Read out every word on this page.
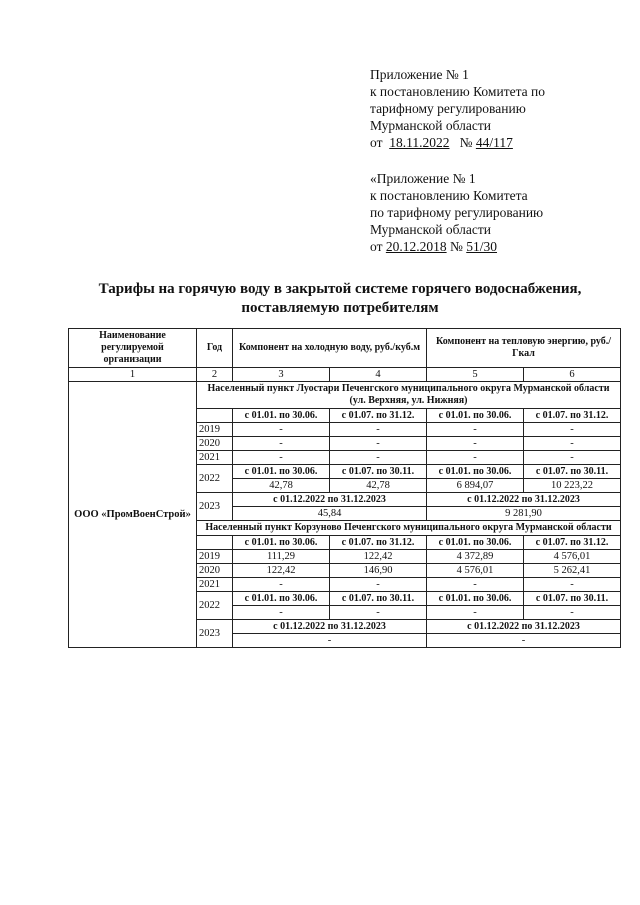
Приложение № 1
к постановлению Комитета по
тарифному регулированию
Мурманской области
от 18.11.2022 № 44/117
«Приложение № 1
к постановлению Комитета
по тарифному регулированию
Мурманской области
от 20.12.2018 № 51/30
Тарифы на горячую воду в закрытой системе горячего водоснабжения,
поставляемую потребителям
Наименование регулируемой организации	Год	Компонент на холодную воду, руб./куб.м		Компонент на тепловую энергию, руб./Гкал	
1	2	3	4	5	6
ООО «ПромВоенСтрой»	Населенный пункт Луостари Печенгского муниципального округа Мурманской области (ул. Верхняя, ул. Нижняя)				
		с 01.01. по 30.06.	с 01.07. по 31.12.	с 01.01. по 30.06.	с 01.07. по 31.12.
	2019	-	-	-	-
	2020	-	-	-	-
	2021	-	-	-	-
	2022	с 01.01. по 30.06.	с 01.07. по 30.11.	с 01.01. по 30.06.	с 01.07. по 30.11.
		42,78	42,78	6 894,07	10 223,22
	2023	с 01.12.2022 по 31.12.2023		с 01.12.2022 по 31.12.2023	
		45,84		9 281,90	
	Населенный пункт Корзуново Печенгского муниципального округа Мурманской области				
		с 01.01. по 30.06.	с 01.07. по 31.12.	с 01.01. по 30.06.	с 01.07. по 31.12.
	2019	111,29	122,42	4 372,89	4 576,01
	2020	122,42	146,90	4 576,01	5 262,41
	2021	-	-	-	-
	2022	с 01.01. по 30.06.	с 01.07. по 30.11.	с 01.01. по 30.06.	с 01.07. по 30.11.
		-	-	-	-
	2023	с 01.12.2022 по 31.12.2023		с 01.12.2022 по 31.12.2023	
		-		-	
